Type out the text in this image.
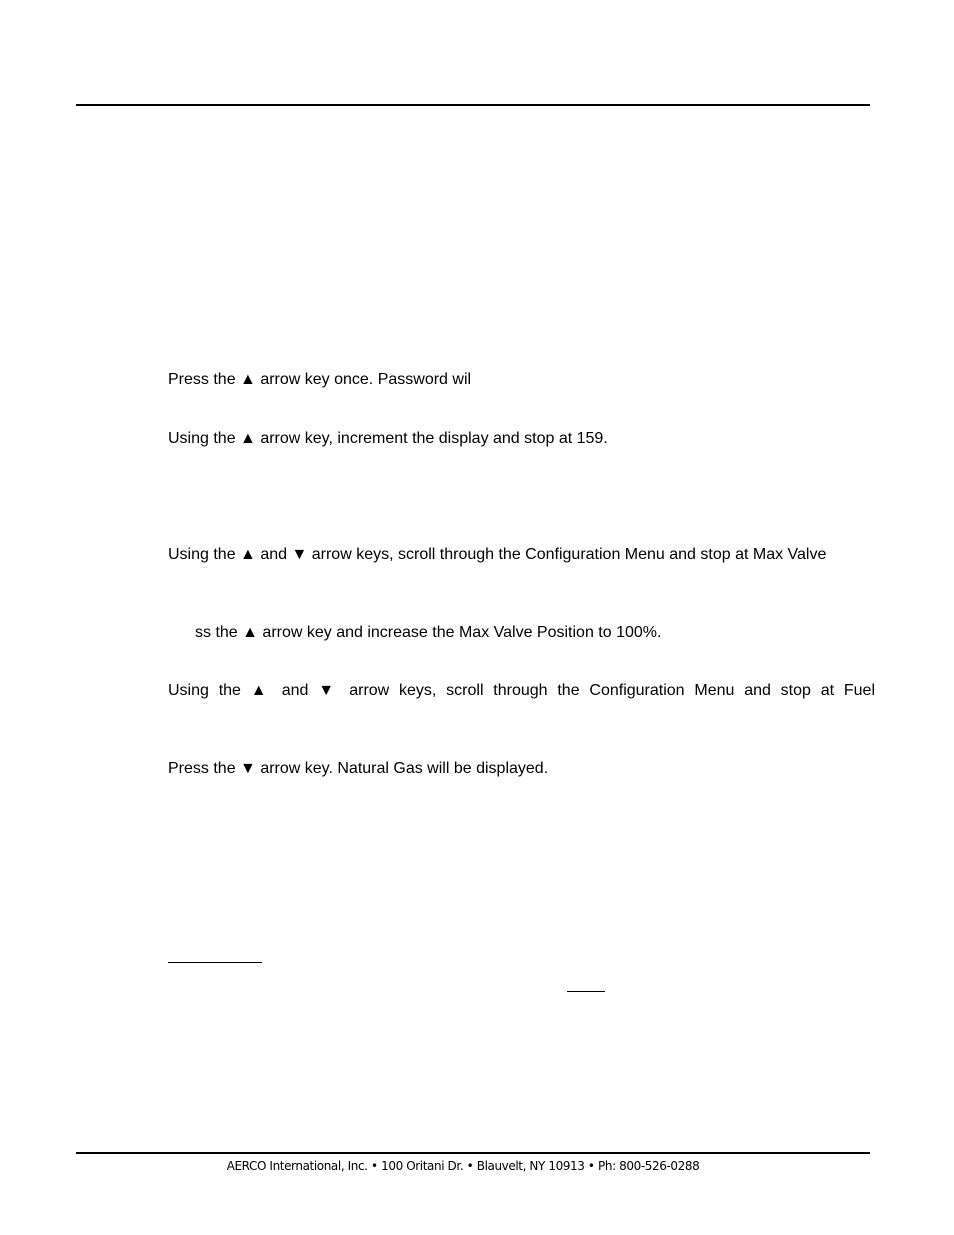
Press the ▲ arrow key once. Password wil
Using the ▲ arrow key, increment the display and stop at 159.
Using the ▲ and ▼ arrow keys, scroll through the Configuration Menu and stop at Max Valve
ss the ▲ arrow key and increase the Max Valve Position to 100%.
Using the ▲ and ▼ arrow keys, scroll through the Configuration Menu and stop at Fuel
Press the ▼ arrow key. Natural Gas will be displayed.
AERCO International, Inc. • 100 Oritani Dr. • Blauvelt, NY 10913 • Ph: 800-526-0288
